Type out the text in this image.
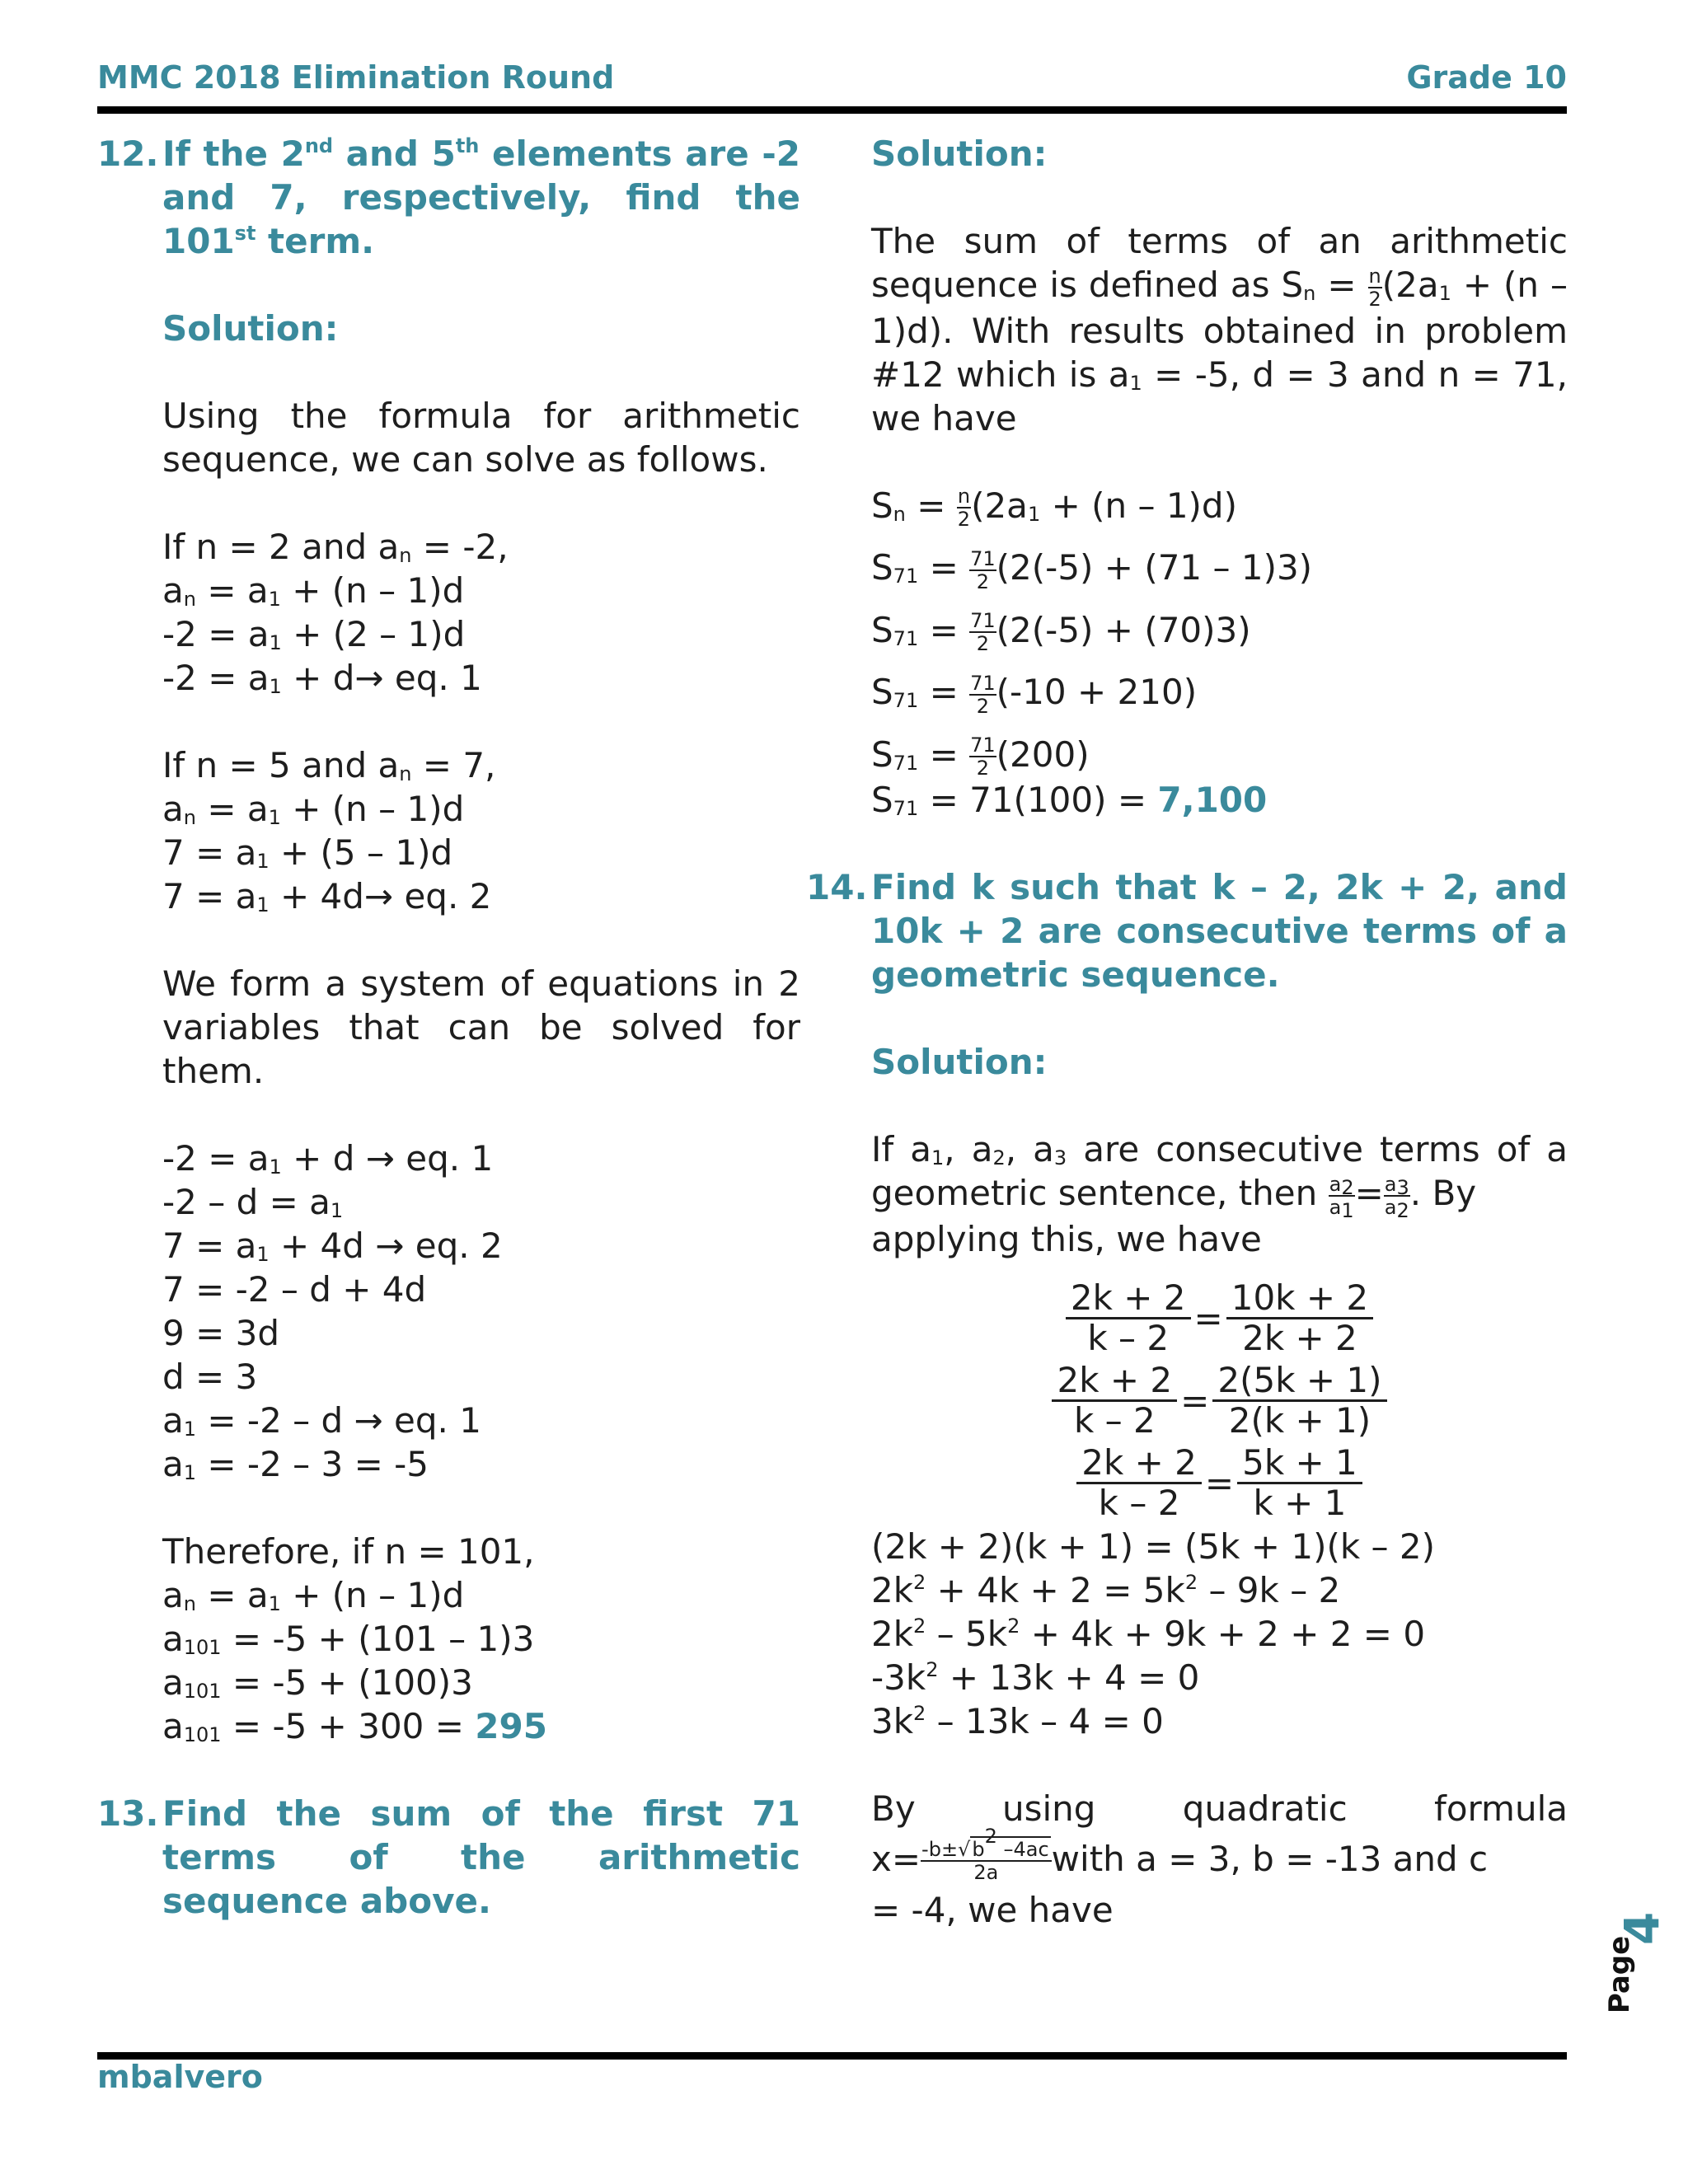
MMC 2018 Elimination Round	Grade 10
12. If the 2nd and 5th elements are -2 and 7, respectively, find the 101st term.
Solution:
Using the formula for arithmetic sequence, we can solve as follows.
If n = 2 and $a_n = -2$,
$a_n = a_1 + (n - 1)d$
$-2 = a_1 + (2 - 1)d$
$-2 = a_1 + d\to$ eq. 1
If n = 5 and $a_n = 7$,
$a_n = a_1 + (n - 1)d$
$7 = a_1 + (5 - 1)d$
$7 = a_1 + 4d\to$ eq. 2
We form a system of equations in 2 variables that can be solved for them.
$-2 = a_1 + d$ → eq. 1
$-2 - d = a_1$
$7 = a_1 + 4d$ → eq. 2
7 = -2 – d + 4d
9 = 3d
d = 3
$a_1 = -2 - d$ → eq. 1
$a_1 = -2 - 3 = -5$
Therefore, if n = 101,
$a_n = a_1 + (n - 1)d$
$a_{101} = -5 + (101 - 1)3$
$a_{101} = -5 + (100)3$
$a_{101} = -5 + 300 = 295$
13. Find the sum of the first 71 terms of the arithmetic sequence above.
Solution:
The sum of terms of an arithmetic sequence is defined as $S_n = \frac{n}{2} (2a_1 + (n - 1)d)$. With results obtained in problem #12 which is $a_1 = -5$, d = 3 and n = 71, we have
$S_n = \frac{n}{2} (2a_1 + (n - 1)d)$
$S_{71} = \frac{71}{2} (2(-5) + (71 - 1)3)$
$S_{71} = \frac{71}{2} (2(-5) + (70)3)$
$S_{71} = \frac{71}{2} (-10 + 210)$
$S_{71} = \frac{71}{2} (200)$
$S_{71} = 71(100) = 7,100$
14. Find k such that k – 2, 2k + 2, and 10k + 2 are consecutive terms of a geometric sequence.
Solution:
If $a_1$, $a_2$, $a_3$ are consecutive terms of a geometric sentence, then $\frac{a_2}{a_1} = \frac{a_3}{a_2}$ . By
applying this, we have
$\frac{2k + 2}{k - 2} = \frac{10k + 2}{2k + 2}$
$\frac{2k + 2}{k - 2} = \frac{2(5k + 1)}{2(k + 1)}$
$\frac{2k + 2}{k - 2} = \frac{5k + 1}{k + 1}$
(2k + 2)(k + 1) = (5k + 1)(k – 2)
$2k^2 + 4k + 2 = 5k^2 - 9k - 2$
$2k^2 - 5k^2 + 4k + 9k + 2 + 2 = 0$
$-3k^2 + 13k + 4 = 0$
$3k^2 - 13k - 4 = 0$
By	using	quadratic	formula
$x= \frac{-b\pm√b^2 -4ac}{2a}$ with a = 3, b = -13 and c
= -4, we have
mbalvero
Page
4
